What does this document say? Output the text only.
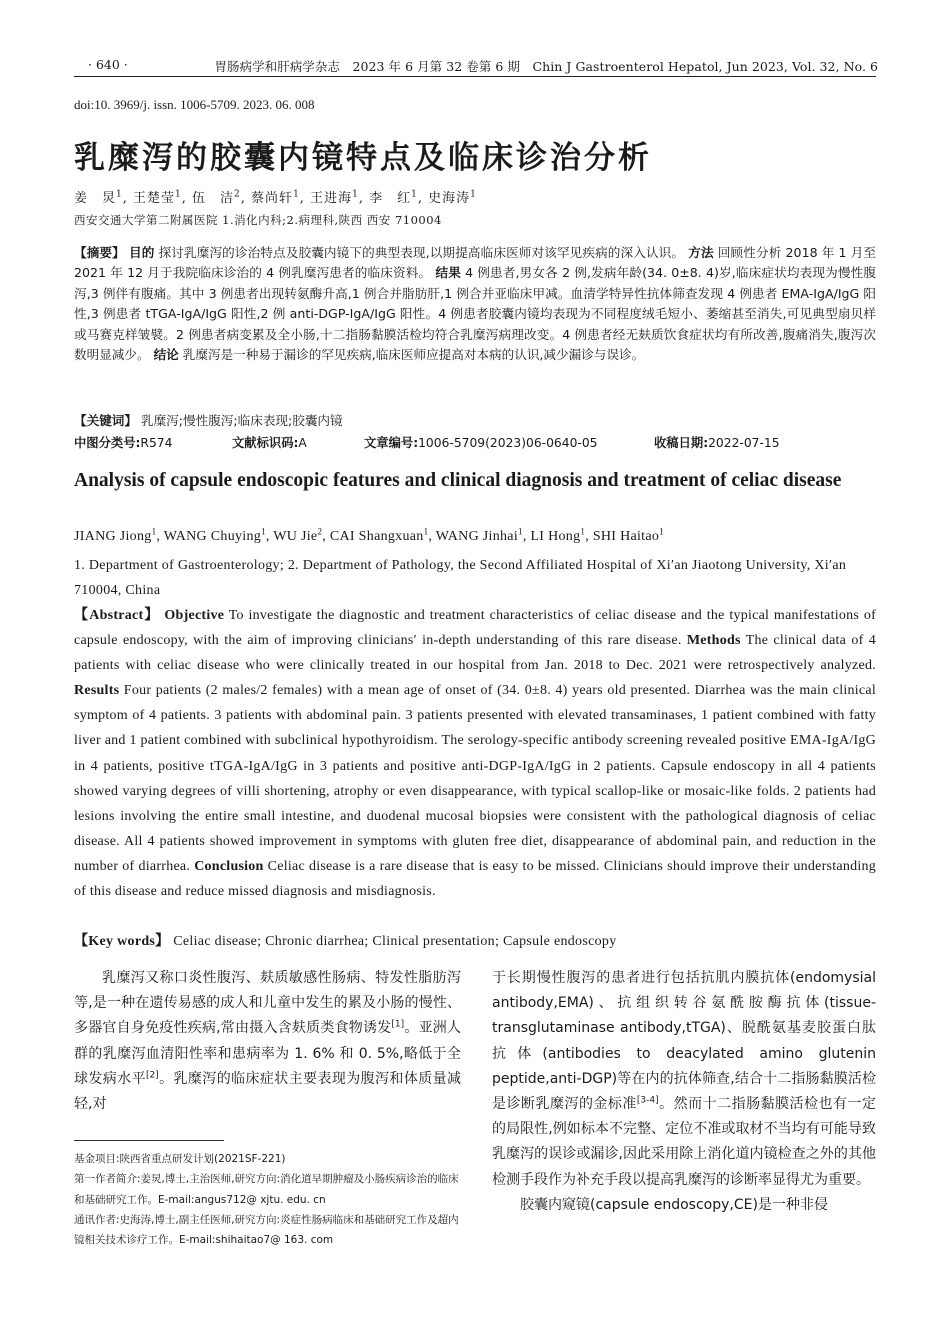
· 640 ·	胃肠病学和肝病学杂志　2023 年 6 月第 32 卷第 6 期　Chin J Gastroenterol Hepatol, Jun 2023, Vol. 32, No. 6
doi:10. 3969/j. issn. 1006-5709. 2023. 06. 008
乳糜泻的胶囊内镜特点及临床诊治分析
姜　炅$^1$, 王楚莹$^1$, 伍　洁$^2$, 蔡尚轩$^1$, 王进海$^1$, 李　红$^1$, 史海涛$^1$
西安交通大学第二附属医院 1.消化内科;2.病理科,陕西 西安 710004
【摘要】 目的 探讨乳糜泻的诊治特点及胶囊内镜下的典型表现,以期提高临床医师对该罕见疾病的深入认识。 方法 回顾性分析 2018 年 1 月至 2021 年 12 月于我院临床诊治的 4 例乳糜泻患者的临床资料。 结果 4 例患者,男女各 2 例,发病年龄(34. 0±8. 4)岁,临床症状均表现为慢性腹泻,3 例伴有腹痛。其中 3 例患者出现转氨酶升高,1 例合并脂肪肝,1 例合并亚临床甲减。血清学特异性抗体筛查发现 4 例患者 EMA-IgA/IgG 阳性,3 例患者 tTGA-IgA/IgG 阳性,2 例 anti-DGP-IgA/IgG 阳性。4 例患者胶囊内镜均表现为不同程度绒毛短小、萎缩甚至消失,可见典型扇贝样或马赛克样皱襞。2 例患者病变累及全小肠,十二指肠黏膜活检均符合乳糜泻病理改变。4 例患者经无麸质饮食症状均有所改善,腹痛消失,腹泻次数明显减少。 结论 乳糜泻是一种易于漏诊的罕见疾病,临床医师应提高对本病的认识,减少漏诊与误诊。
【关键词】 乳糜泻;慢性腹泻;临床表现;胶囊内镜
中图分类号:R574	文献标识码:A	文章编号:1006-5709(2023)06-0640-05	收稿日期:2022-07-15
Analysis of capsule endoscopic features and clinical diagnosis and treatment of celiac disease
JIANG Jiong$^1$, WANG Chuying$^1$, WU Jie$^2$, CAI Shangxuan$^1$, WANG Jinhai$^1$, LI Hong$^1$, SHI Haitao$^1$
1. Department of Gastroenterology; 2. Department of Pathology, the Second Affiliated Hospital of Xi′an Jiaotong University, Xi′an 710004, China
【Abstract】 Objective To investigate the diagnostic and treatment characteristics of celiac disease and the typical manifestations of capsule endoscopy, with the aim of improving clinicians′ in-depth understanding of this rare disease. Methods The clinical data of 4 patients with celiac disease who were clinically treated in our hospital from Jan. 2018 to Dec. 2021 were retrospectively analyzed. Results Four patients (2 males/2 females) with a mean age of onset of (34. 0±8. 4) years old presented. Diarrhea was the main clinical symptom of 4 patients. 3 patients with abdominal pain. 3 patients presented with elevated transaminases, 1 patient combined with fatty liver and 1 patient combined with subclinical hypothyroidism. The serology-specific antibody screening revealed positive EMA-IgA/IgG in 4 patients, positive tTGA-IgA/IgG in 3 patients and positive anti-DGP-IgA/IgG in 2 patients. Capsule endoscopy in all 4 patients showed varying degrees of villi shortening, atrophy or even disappearance, with typical scallop-like or mosaic-like folds. 2 patients had lesions involving the entire small intestine, and duodenal mucosal biopsies were consistent with the pathological diagnosis of celiac disease. All 4 patients showed improvement in symptoms with gluten free diet, disappearance of abdominal pain, and reduction in the number of diarrhea. Conclusion Celiac disease is a rare disease that is easy to be missed. Clinicians should improve their understanding of this disease and reduce missed diagnosis and misdiagnosis.
【Key words】 Celiac disease; Chronic diarrhea; Clinical presentation; Capsule endoscopy

乳糜泻又称口炎性腹泻、麸质敏感性肠病、特发性脂肪泻等,是一种在遗传易感的成人和儿童中发生的累及小肠的慢性、多器官自身免疫性疾病,常由摄入含麸质类食物诱发[1]。亚洲人群的乳糜泻血清阳性率和患病率为 1. 6% 和 0. 5%,略低于全球发病水平[2]。乳糜泻的临床症状主要表现为腹泻和体质量减轻,对

基金项目:陕西省重点研发计划(2021SF-221)

第一作者简介:姜炅,博士,主治医师,研究方向:消化道早期肿瘤及小肠疾病诊治的临床和基础研究工作。E-mail:angus712@ xjtu. edu. cn

通讯作者:史海涛,博士,副主任医师,研究方向:炎症性肠病临床和基础研究工作及超内镜相关技术诊疗工作。E-mail:shihaitao7@ 163. com

于长期慢性腹泻的患者进行包括抗肌内膜抗体(endomysial antibody,EMA)、抗组织转谷氨酰胺酶抗体(tissue-transglutaminase antibody,tTGA)、脱酰氨基麦胶蛋白肽抗体(antibodies to deacylated amino glutenin peptide,anti-DGP)等在内的抗体筛查,结合十二指肠黏膜活检是诊断乳糜泻的金标准[3-4]。然而十二指肠黏膜活检也有一定的局限性,例如标本不完整、定位不准或取材不当均有可能导致乳糜泻的误诊或漏诊,因此采用除上消化道内镜检查之外的其他检测手段作为补充手段以提高乳糜泻的诊断率显得尤为重要。

胶囊内窥镜(capsule endoscopy,CE)是一种非侵
